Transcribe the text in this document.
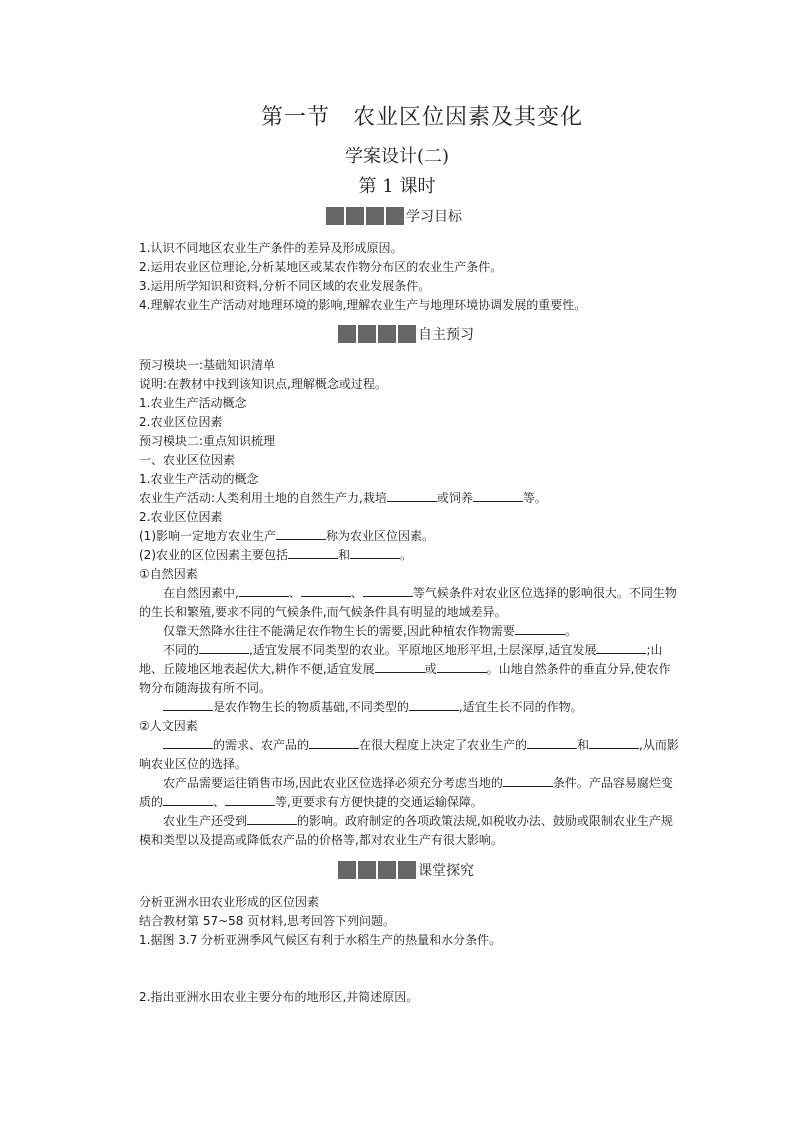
第一节　农业区位因素及其变化
学案设计(二)
第 1 课时
学习目标
1.认识不同地区农业生产条件的差异及形成原因。
2.运用农业区位理论,分析某地区或某农作物分布区的农业生产条件。
3.运用所学知识和资料,分析不同区域的农业发展条件。
4.理解农业生产活动对地理环境的影响,理解农业生产与地理环境协调发展的重要性。
自主预习
预习模块一:基础知识清单
说明:在教材中找到该知识点,理解概念或过程。
1.农业生产活动概念
2.农业区位因素
预习模块二:重点知识梳理
一、农业区位因素
1.农业生产活动的概念
农业生产活动:人类利用土地的自然生产力,栽培	或饲养	等。
2.农业区位因素
(1)影响一定地方农业生产	称为农业区位因素。
(2)农业的区位因素主要包括	和	。
①自然因素
在自然因素中,	、	、	等气候条件对农业区位选择的影响很大。不同生物的生长和繁殖,要求不同的气候条件,而气候条件具有明显的地域差异。
仅靠天然降水往往不能满足农作物生长的需要,因此种植农作物需要	。
不同的	,适宜发展不同类型的农业。平原地区地形平坦,土层深厚,适宜发展	;山地、丘陵地区地表起伏大,耕作不便,适宜发展	或	。山地自然条件的垂直分异,使农作物分布随海拔有所不同。
是农作物生长的物质基础,不同类型的	,适宜生长不同的作物。
②人文因素
的需求、农产品的	在很大程度上决定了农业生产的	和	,从而影响农业区位的选择。
农产品需要运往销售市场,因此农业区位选择必须充分考虑当地的	条件。产品容易腐烂变质的	、	等,更要求有方便快捷的交通运输保障。
农业生产还受到	的影响。政府制定的各项政策法规,如税收办法、鼓励或限制农业生产规模和类型以及提高或降低农产品的价格等,都对农业生产有很大影响。
课堂探究
分析亚洲水田农业形成的区位因素
结合教材第 57~58 页材料,思考回答下列问题。
1.据图 3.7 分析亚洲季风气候区有利于水稻生产的热量和水分条件。
2.指出亚洲水田农业主要分布的地形区,并简述原因。
